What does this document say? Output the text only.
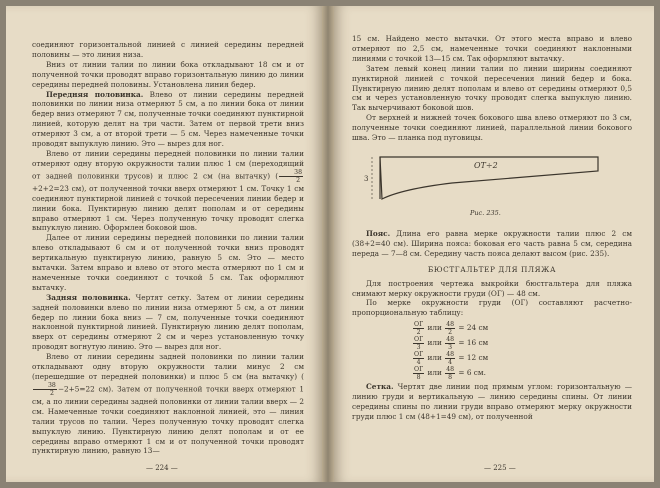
соединяют горизонтальной линией с линией середины передней половины — это линия низа.

Вниз от линии талии по линии бока откладывают 18 см и от полученной точки проводят вправо горизонтальную линию до линии середины передней половины. Установлена линия бедер.

Передняя половинка. Влево от линии середины передней половинки по линии низа отмеряют 5 см, а по линии бока от линии бедер вниз отмеряют 7 см, полученные точки соединяют пунктирной линией, которую делят на три части. Затем от первой трети вниз отмеряют 3 см, а от второй трети — 5 см. Через намеченные точки проводят выпуклую линию. Это — вырез для ног.

Влево от линии середины передней половинки по линии талии отмеряют одну вторую окружности талии плюс 1 см (переходящий от задней половинки трусов) и плюс 2 см (на вытачку) ( $\frac{38}{2}$
+2+2=23 см), от полученной точки вверх отмеряют 1 см. Точку 1 см соединяют пунктирной линией с точкой пересечения линии бедер и линии бока. Пунктирную линию делят пополам и от середины вправо отмеряют 1 см. Через полученную точку проводят слегка выпуклую линию. Оформлен боковой шов.

Далее от линии середины передней половинки по линии талии влево откладывают 6 см и от полученной точки вниз проводят вертикальную пунктирную линию, равную 5 см. Это — место вытачки. Затем вправо и влево от этого места отмеряют по 1 см и намеченные точки соединяют с точкой 5 см. Так оформляют вытачку.

Задняя половинка. Чертят сетку. Затем от линии середины задней половинки влево по линии низа отмеряют 5 см, а от линии бедер по линии бока вниз — 7 см, полученные точки соединяют наклонной пунктирной линией. Пунктирную линию делят пополам, вверх от середины отмеряют 2 см и через установленную точку проводят вогнутую линию. Это — вырез для ног.

Влево от линии середины задней половинки по линии талии откладывают одну вторую окружности талии минус 2 см (перешедшие от передней половинки) и плюс 5 см (на вытачку) (
$\frac{38}{2} -2+5=22$ см). Затем от полученной точки вверх отмеряют 1 см, а по линии середины задней половинки от линии талии вверх — 2 см. Намеченные точки соединяют наклонной линией, это — линия талии трусов по талии. Через полученную точку проводят слегка выпуклую линию. Пунктирную линию делят пополам и от ее середины вправо отмеряют 1 см и от полученной точки проводят пунктирную линию, равную 13—

— 224 —

15 см. Найдено место вытачки. От этого места вправо и влево отмеряют по 2,5 см, намеченные точки соединяют наклонными линиями с точкой 13—15 см. Так оформляют вытачку.

Затем левый конец линии талии по линии ширины соединяют пунктирной линией с точкой пересечения линий бедер и бока. Пунктирную линию делят пополам и влево от середины отмеряют 0,5 см и через установленную точку проводят слегка выпуклую линию. Так вычерчивают боковой шов.

От верхней и нижней точек бокового шва влево отмеряют по 3 см, полученные точки соединяют линией, параллельной линии бокового шва. Это — планка под пуговицы.

3
ОТ÷2
Рис. 235.

Пояс. Длина его равна мерке окружности талии плюс 2 см (38+2=40 см). Ширина пояса: боковая его часть равна 5 см, середина переда — 7—8 см. Середину часть пояса делают высом (рис. 235).

БЮСТГАЛЬТЕР ДЛЯ ПЛЯЖА

Для построения чертежа выкройки бюстгальтера для пляжа снимают мерку окружности груди (ОГ) — 48 см.

По мерке окружности груди (ОГ) составляют расчетно-пропорциональную таблицу:

$\frac{ОГ}{2}$ или $\frac{48}{2} = 24$ см
$\frac{ОГ}{3}$ или $\frac{48}{3} = 16$ см
$\frac{ОГ}{4}$ или $\frac{48}{4} = 12$ см
$\frac{ОГ}{8}$ или $\frac{48}{8} = 6$ см.

Сетка. Чертят две линии под прямым углом: горизонтальную — линию груди и вертикальную — линию середины спины. От линии середины спины по линии груди вправо отмеряют мерку окружности груди плюс 1 см (48+1=49 см), от полученной

— 225 —
